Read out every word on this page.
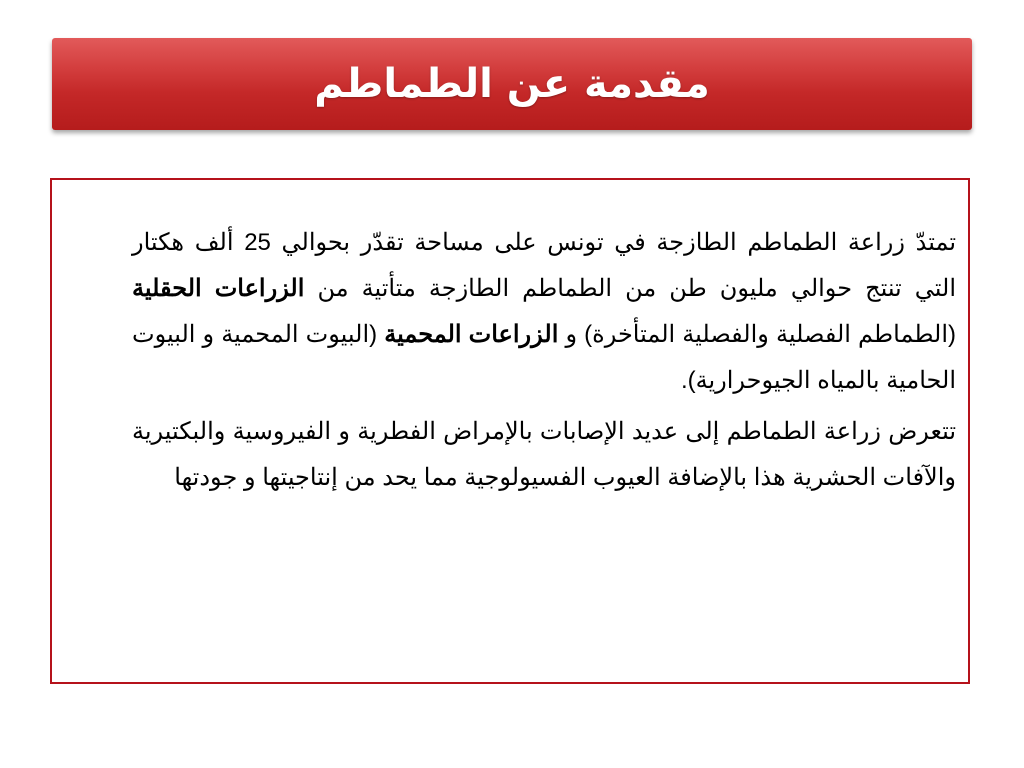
مقدمة عن الطماطم

تمتدّ زراعة الطماطم الطازجة في تونس على مساحة تقدّر بحوالي 25 ألف هكتار التي تنتج حوالي مليون طن من الطماطم الطازجة متأتية من الزراعات الحقلية (الطماطم الفصلية والفصلية المتأخرة) و الزراعات المحمية (البيوت المحمية و البيوت الحامية بالمياه الجيوحرارية).

تتعرض زراعة الطماطم إلى عديد الإصابات بالإمراض الفطرية و الفيروسية والبكتيرية والآفات الحشرية هذا بالإضافة العيوب الفسيولوجية مما يحد من إنتاجيتها و جودتها
